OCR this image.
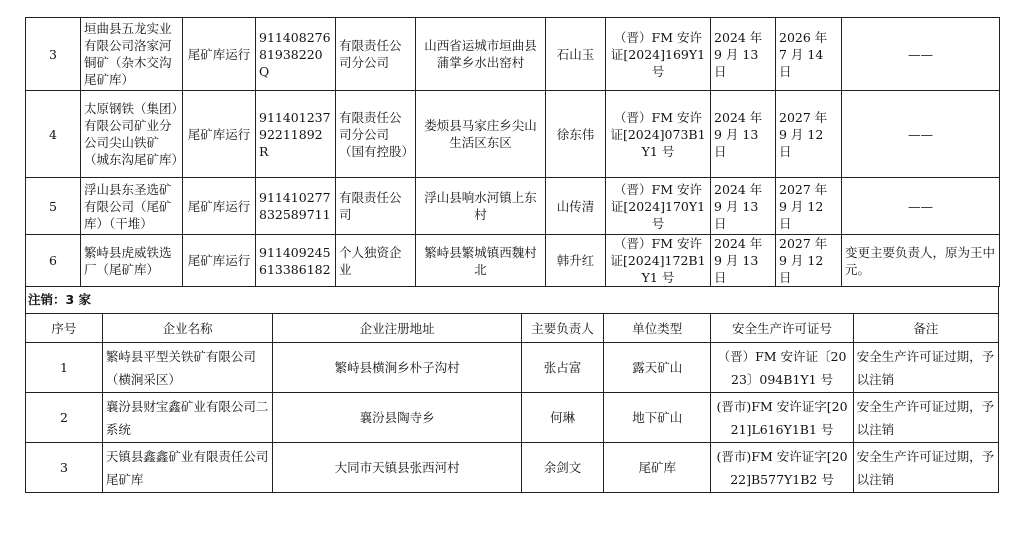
3	垣曲县五龙实业有限公司洛家河铜矿（杂木交沟尾矿库）	尾矿库运行	91140827681938220Q	有限责任公司分公司	山西省运城市垣曲县蒲掌乡水出窑村	石山玉	（晋）FM 安许证[2024]169Y1 号	2024 年 9 月 13 日	2026 年 7 月 14 日	——
4	太原钢铁（集团）有限公司矿业分公司尖山铁矿（城东沟尾矿库）	尾矿库运行	91140123792211892R	有限责任公司分公司（国有控股）	娄烦县马家庄乡尖山生活区东区	徐东伟	（晋）FM 安许证[2024]073B1Y1 号	2024 年 9 月 13 日	2027 年 9 月 12 日	——
5	浮山县东圣选矿有限公司（尾矿库）（干堆）	尾矿库运行	911410277832589711	有限责任公司	浮山县响水河镇上东村	山传清	（晋）FM 安许证[2024]170Y1 号	2024 年 9 月 13 日	2027 年 9 月 12 日	——
6	繁峙县虎威铁选厂（尾矿库）	尾矿库运行	911409245613386182	个人独资企业	繁峙县繁城镇西魏村北	韩升红	（晋）FM 安许证[2024]172B1Y1 号	2024 年 9 月 13 日	2027 年 9 月 12 日	变更主要负责人，原为王中元。
注销：3 家
序号	企业名称	企业注册地址	主要负责人	单位类型	安全生产许可证号	备注
1	繁峙县平型关铁矿有限公司（横涧采区）	繁峙县横涧乡朴子沟村	张占富	露天矿山	（晋）FM 安许证〔2023〕094B1Y1 号	安全生产许可证过期，予以注销
2	襄汾县财宝鑫矿业有限公司二系统	襄汾县陶寺乡	何琳	地下矿山	(晋市)FM 安许证字[2021]L616Y1B1 号	安全生产许可证过期，予以注销
3	天镇县鑫鑫矿业有限责任公司尾矿库	大同市天镇县张西河村	余剑文	尾矿库	(晋市)FM 安许证字[2022]B577Y1B2 号	安全生产许可证过期，予以注销
